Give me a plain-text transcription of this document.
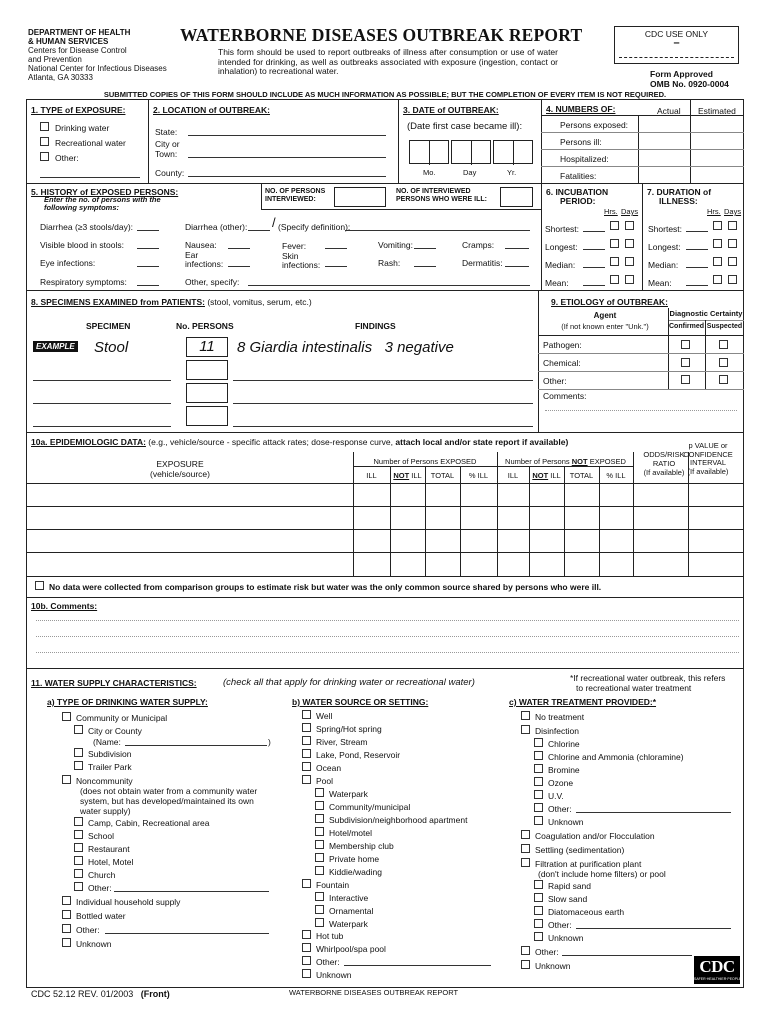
DEPARTMENT OF HEALTH
& HUMAN SERVICES
Centers for Disease Control
and Prevention
National Center for Infectious Diseases
Atlanta, GA 30333
WATERBORNE DISEASES OUTBREAK REPORT
This form should be used to report outbreaks of illness after consumption or use of water intended for drinking, as well as outbreaks associated with exposure (ingestion, contact or inhalation) to recreational water.
CDC USE ONLY
–
Form Approved
OMB No. 0920-0004
SUBMITTED COPIES OF THIS FORM SHOULD INCLUDE AS MUCH INFORMATION AS POSSIBLE; BUT THE COMPLETION OF EVERY ITEM IS NOT REQUIRED.
1. TYPE of EXPOSURE:
Drinking water
Recreational water
Other:
2. LOCATION of OUTBREAK:
State:
City or
Town:
County:
3. DATE of OUTBREAK:
(Date first case became ill):
Mo.	Day	Yr.
4. NUMBERS OF:	Actual Estimated
Persons exposed:
Persons ill:
Hospitalized:
Fatalities:
5. HISTORY of EXPOSED PERSONS:
Enter the no. of persons with the
following symptoms:
NO. OF PERSONS
INTERVIEWED:
NO. OF INTERVIEWED
PERSONS WHO WERE ILL:
Diarrhea (≥3 stools/day):	Diarrhea (other): / (Specify definition):
Visible blood in stools:	Nausea:	Fever:	Vomiting:	Cramps:
Eye infections:
Ear
infections:
Skin
infections:	Rash:	Dermatitis:
Respiratory symptoms:	Other, specify:
6. INCUBATION
PERIOD:
Hrs. Days
Shortest:
Longest:
Median:
Mean:
7. DURATION of
ILLNESS:
Hrs. Days
Shortest:
Longest:
Median:
Mean:
8. SPECIMENS EXAMINED from PATIENTS: (stool, vomitus, serum, etc.)
SPECIMEN	No. PERSONS	FINDINGS
EXAMPLE Stool	11	8 Giardia intestinalis   3 negative
9. ETIOLOGY of OUTBREAK:
Agent
(If not known enter "Unk.")
Diagnostic Certainty
Confirmed Suspected
Pathogen:
Chemical:
Other:
Comments:
10a. EPIDEMIOLOGIC DATA: (e.g., vehicle/source - specific attack rates; dose-response curve, attach local and/or state report if available)	p VALUE or
CONFIDENCE
INTERVAL
(If available)
ODDS/RISK
RATIO
(If available)
EXPOSURE
(vehicle/source)
Number of Persons EXPOSED	Number of Persons NOT EXPOSED
ILL	NOT ILL	TOTAL	% ILL	ILL	NOT ILL	TOTAL	% ILL
No data were collected from comparison groups to estimate risk but water was the only common source shared by persons who were ill.
10b. Comments:
11. WATER SUPPLY CHARACTERISTICS:	(check all that apply for drinking water or recreational water)	*If recreational water outbreak, this refers
to recreational water treatment
a) TYPE OF DRINKING WATER SUPPLY:
Community or Municipal
City or County
(Name:	)
Subdivision
Trailer Park
Noncommunity
(does not obtain water from a community water
system, but has developed/maintained its own
water supply)
Camp, Cabin, Recreational area
School
Restaurant
Hotel, Motel
Church
Other:
Individual household supply
Bottled water
Other:
Unknown
b) WATER SOURCE OR SETTING:
Well
Spring/Hot spring
River, Stream
Lake, Pond, Reservoir
Ocean
Pool
Waterpark
Community/municipal
Subdivision/neighborhood apartment
Hotel/motel
Membership club
Private home
Kiddie/wading
Fountain
Interactive
Ornamental
Waterpark
Hot tub
Whirlpool/spa pool
Other:
Unknown
c) WATER TREATMENT PROVIDED:*
No treatment
Disinfection
Chlorine
Chlorine and Ammonia (chloramine)
Bromine
Ozone
U.V.
Other:
Unknown
Coagulation and/or Flocculation
Settling (sedimentation)
Filtration at purification plant
(don't include home filters) or pool
Rapid sand
Slow sand
Diatomaceous earth
Other:
Unknown
Other:
Unknown	CDC
SAFER·HEALTHIER·PEOPLE
CDC 52.12 REV. 01/2003 (Front)	WATERBORNE DISEASES OUTBREAK REPORT
